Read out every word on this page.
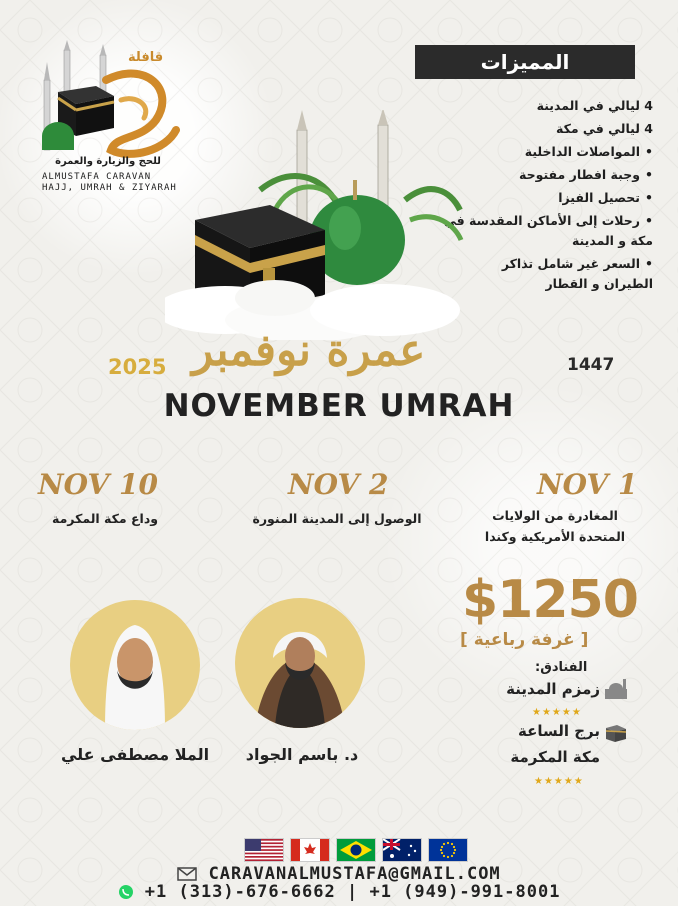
قافلة
للحج والزيارة والعمرة
ALMUSTAFA CARAVAN
HAJJ, UMRAH & ZIYARAH
المميزات
4 ليالي في المدينة
4 ليالي في مكة
• المواصلات الداخلية
• وجبة افطار مفتوحة
• تحصيل الفيزا
• رحلات إلى الأماكن المقدسة في
مكة و المدينة
• السعر غير شامل تذاكر
الطيران و القطار
عمرة نوفمبر
2025	1447
NOVEMBER UMRAH
NOV 1
المغادرة من الولايات
المتحدة الأمريكية وكندا
NOV 2
الوصول إلى المدينة المنورة
NOV 10
وداع مكة المكرمة
د. باسم الجواد
الملا مصطفى علي
$1250
[ غرفة رباعية ]
الفنادق:
زمزم المدينة
★★★★★
برج الساعة
مكة المكرمة
★★★★★
CARAVANALMUSTAFA@GMAIL.COM
+1 (313)-676-6662 | +1 (949)-991-8001
